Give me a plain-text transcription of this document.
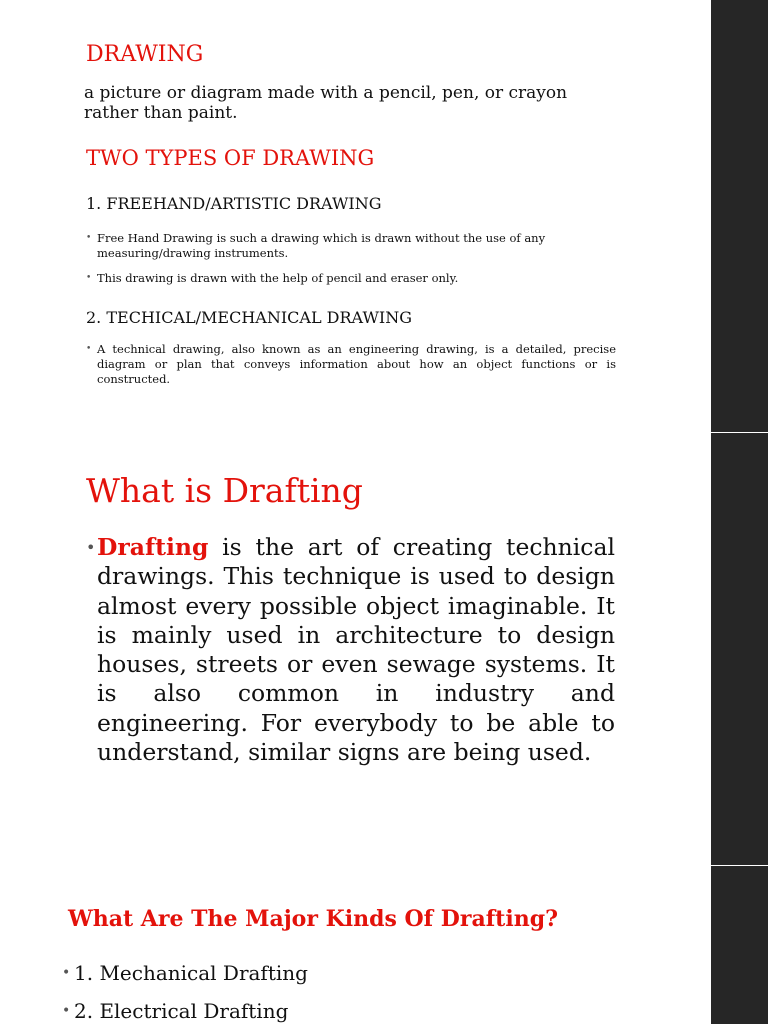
DRAWING

a picture or diagram made with a pencil, pen, or crayon rather than paint.

TWO TYPES OF DRAWING
1. FREEHAND/ARTISTIC DRAWING
• Free Hand Drawing is such a drawing which is drawn without the use of any measuring/drawing instruments.
• This drawing is drawn with the help of pencil and eraser only.
2. TECHICAL/MECHANICAL DRAWING
• A technical drawing, also known as an engineering drawing, is a detailed, precise diagram or plan that conveys information about how an object functions or is constructed.
What is Drafting

• Drafting is the art of creating technical drawings. This technique is used to design almost every possible object imaginable. It is mainly used in architecture to design houses, streets or even sewage systems. It is also common in industry and engineering. For everybody to be able to understand, similar signs are being used.

What Are The Major Kinds Of Drafting?
• 1. Mechanical Drafting
• 2. Electrical Drafting
